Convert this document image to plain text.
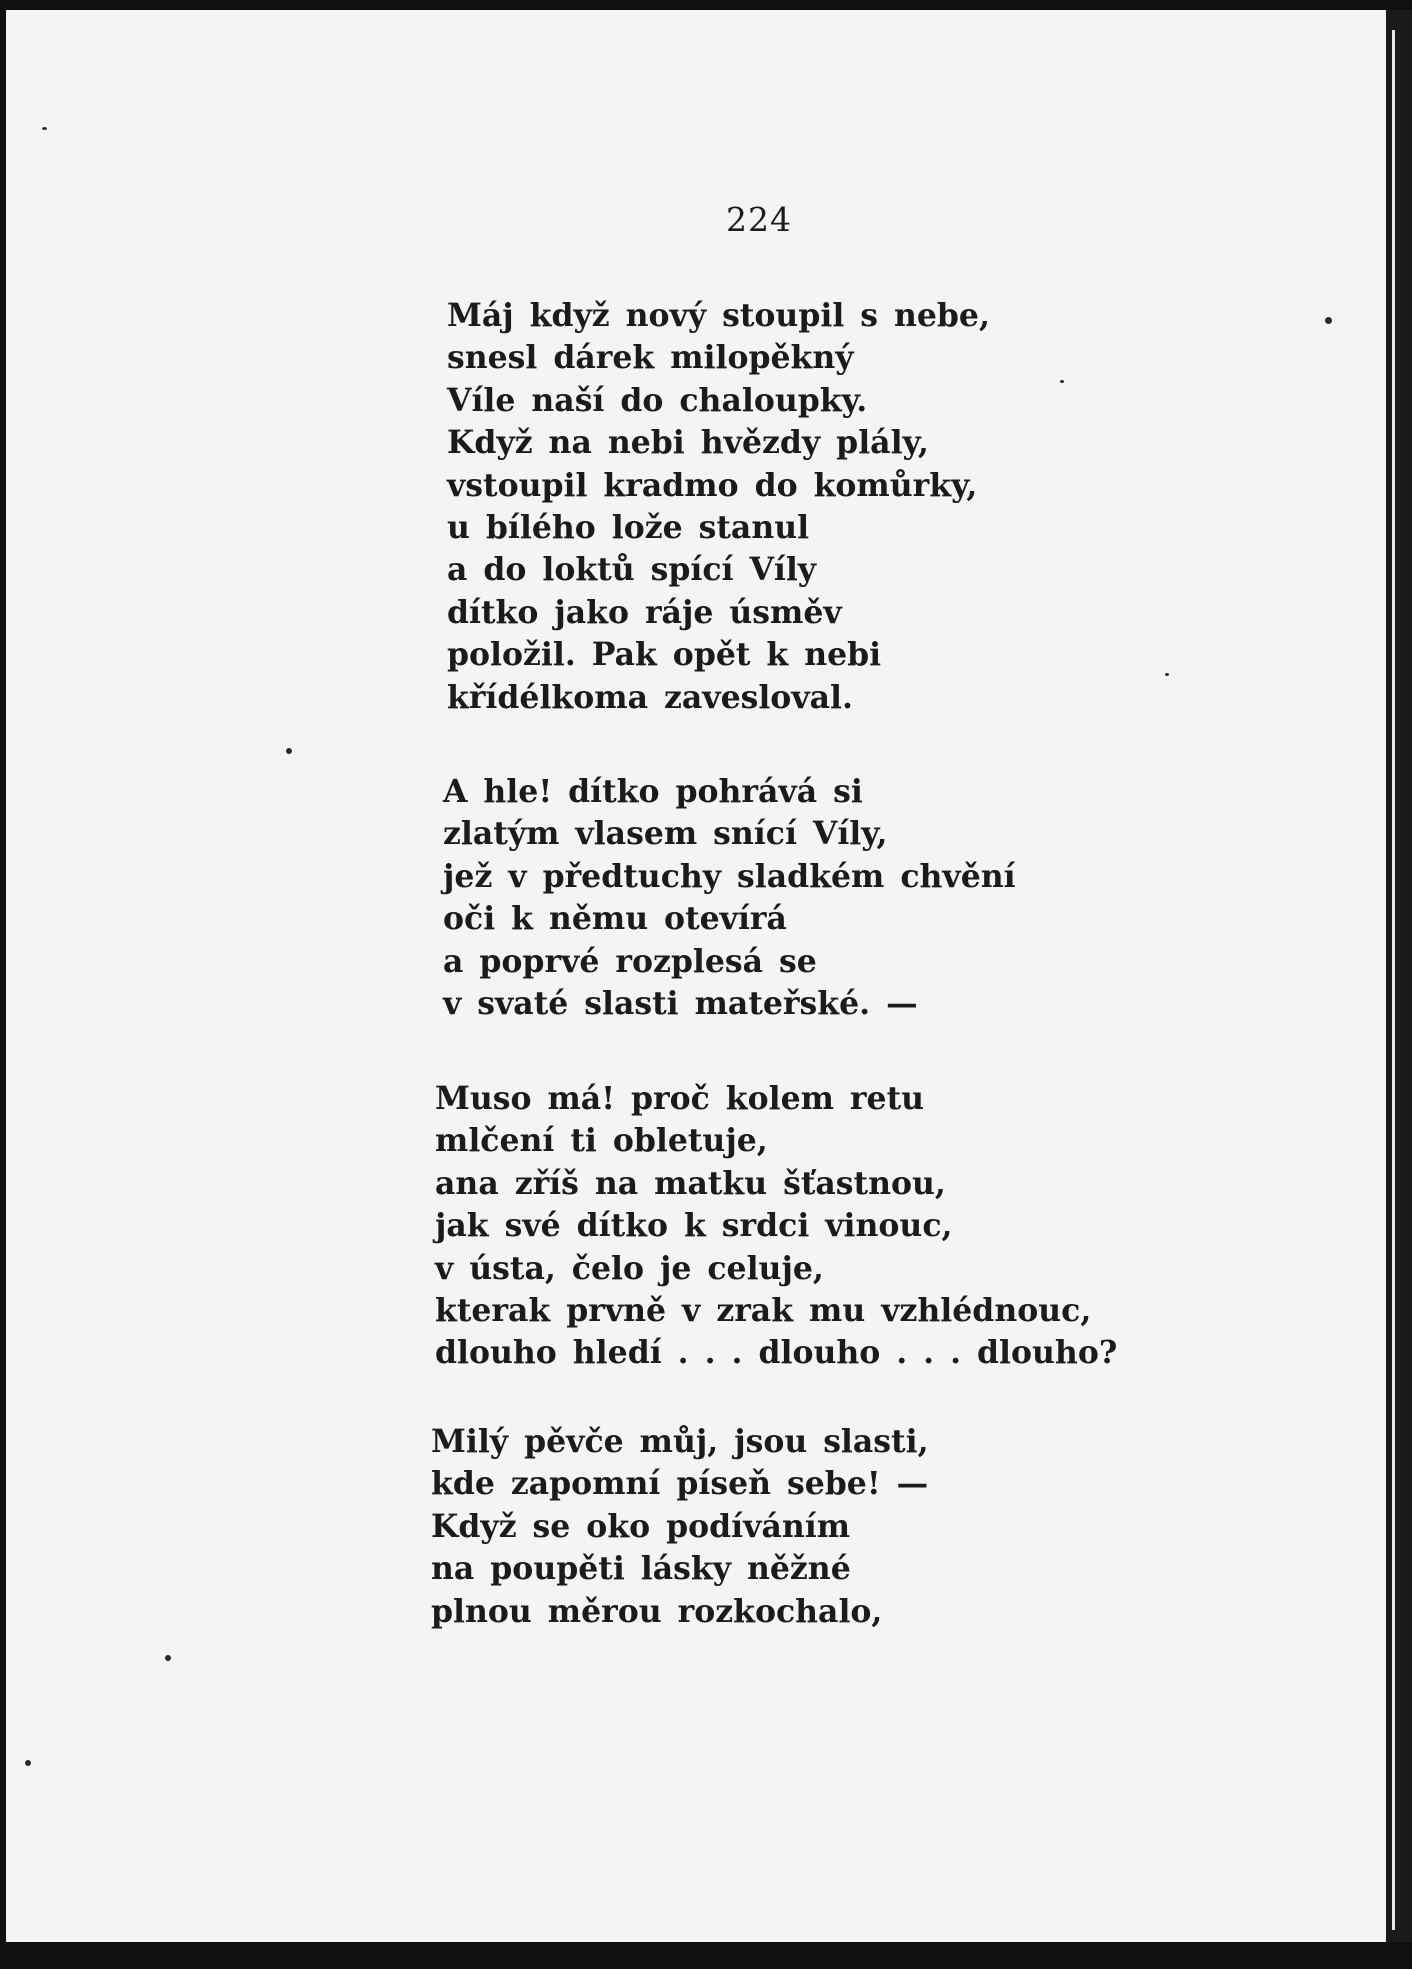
224
Máj když nový stoupil s nebe,
snesl dárek milopěkný
Víle naší do chaloupky.
Když na nebi hvězdy plály,
vstoupil kradmo do komůrky,
u bílého lože stanul
a do loktů spící Víly
dítko jako ráje úsměv
položil. Pak opět k nebi
křídélkoma zavesloval.
A hle! dítko pohrává si
zlatým vlasem snící Víly,
jež v předtuchy sladkém chvění
oči k němu otevírá
a poprvé rozplesá se
v svaté slasti mateřské. —
Muso má! proč kolem retu
mlčení ti obletuje,
ana zříš na matku šťastnou,
jak své dítko k srdci vinouc,
v ústa, čelo je celuje,
kterak prvně v zrak mu vzhlédnouc,
dlouho hledí . . . dlouho . . . dlouho?
Milý pěvče můj, jsou slasti,
kde zapomní píseň sebe! —
Když se oko podíváním
na poupěti lásky něžné
plnou měrou rozkochalo,
